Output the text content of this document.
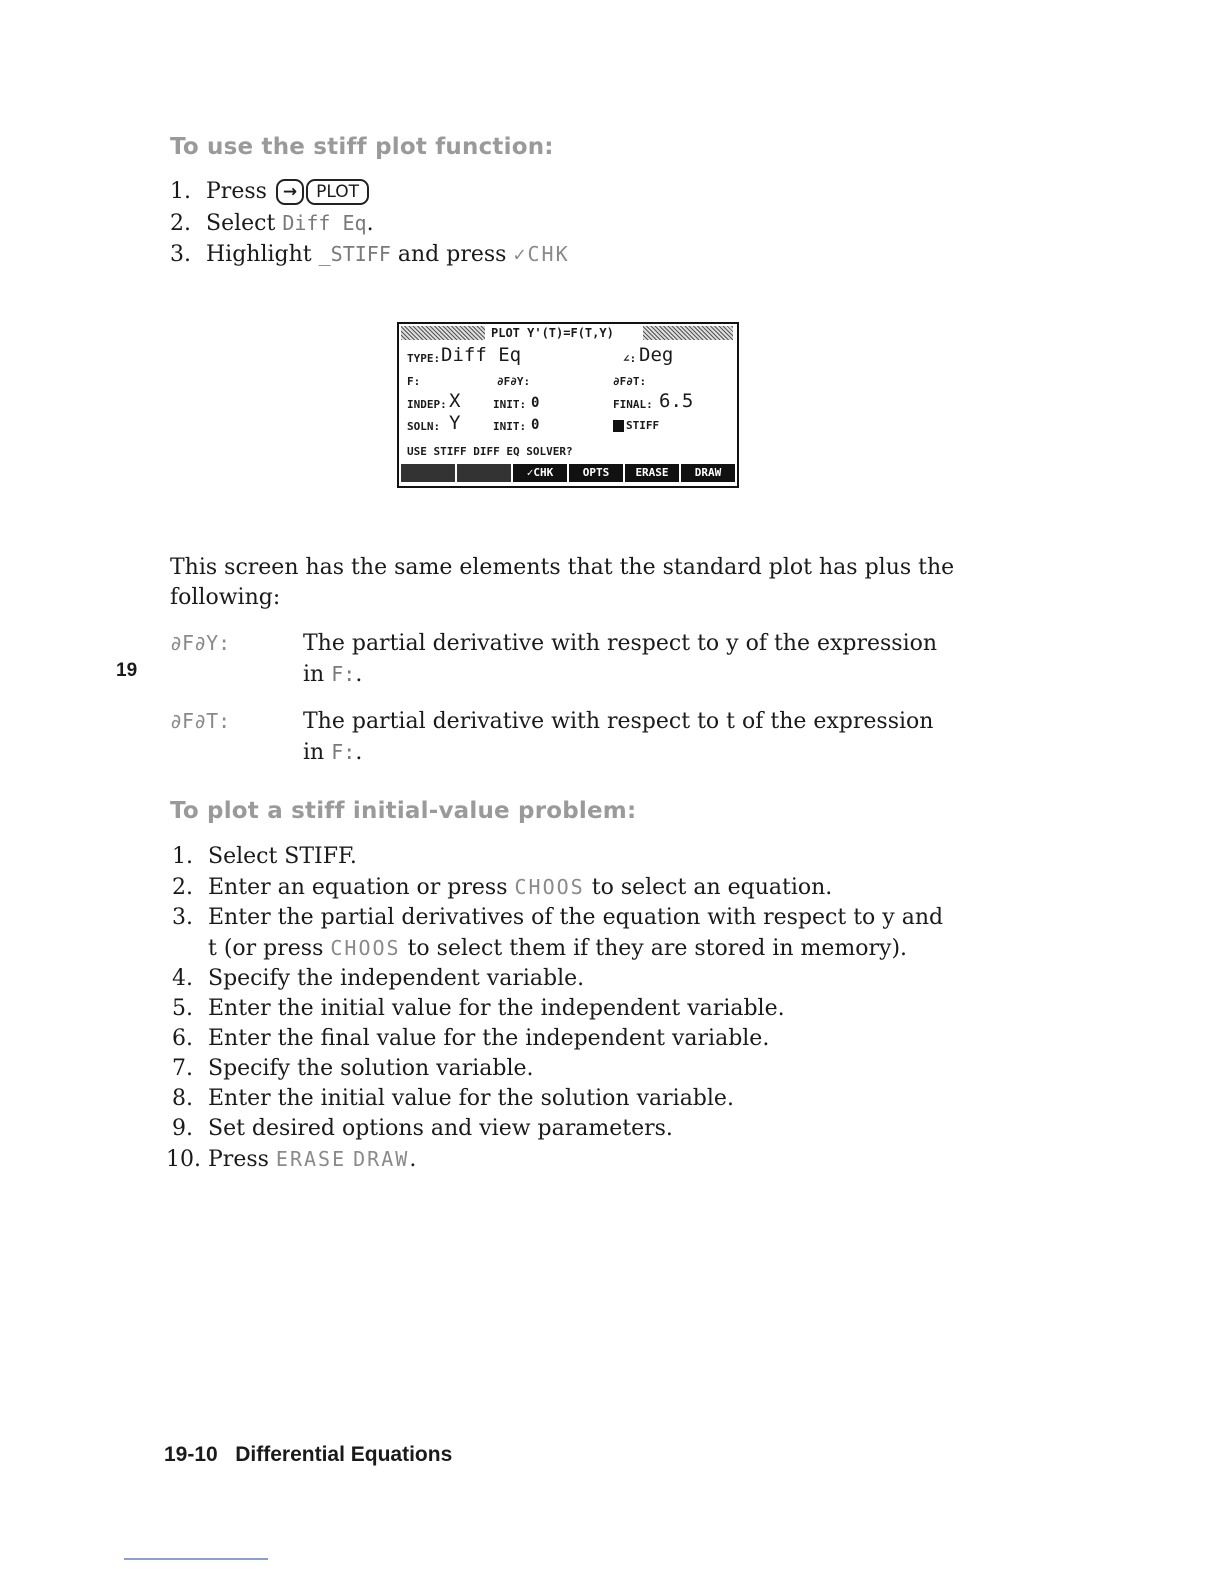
To use the stiff plot function:
1. Press → PLOT
2. Select Diff Eq.
3. Highlight _STIFF and press ✓CHK
PLOT Y'(T)=F(T,Y)
TYPE: Diff Eq	∠: Deg
F:	∂F∂Y:	∂F∂T:
INDEP: X	INIT: 0	FINAL: 6.5
SOLN: Y	INIT: 0	STIFF
USE STIFF DIFF EQ SOLVER?
✓CHK	OPTS	ERASE	DRAW
This screen has the same elements that the standard plot has plus the following:
∂F∂Y:	The partial derivative with respect to y of the expression
in F:.
19
∂F∂T:	The partial derivative with respect to t of the expression
in F:.
To plot a stiff initial-value problem:
1. Select STIFF.
2. Enter an equation or press CHOOS to select an equation.
3. Enter the partial derivatives of the equation with respect to y and
t (or press CHOOS to select them if they are stored in memory).
4. Specify the independent variable.
5. Enter the initial value for the independent variable.
6. Enter the final value for the independent variable.
7. Specify the solution variable.
8. Enter the initial value for the solution variable.
9. Set desired options and view parameters.
10. Press ERASE DRAW.
19-10 Differential Equations
